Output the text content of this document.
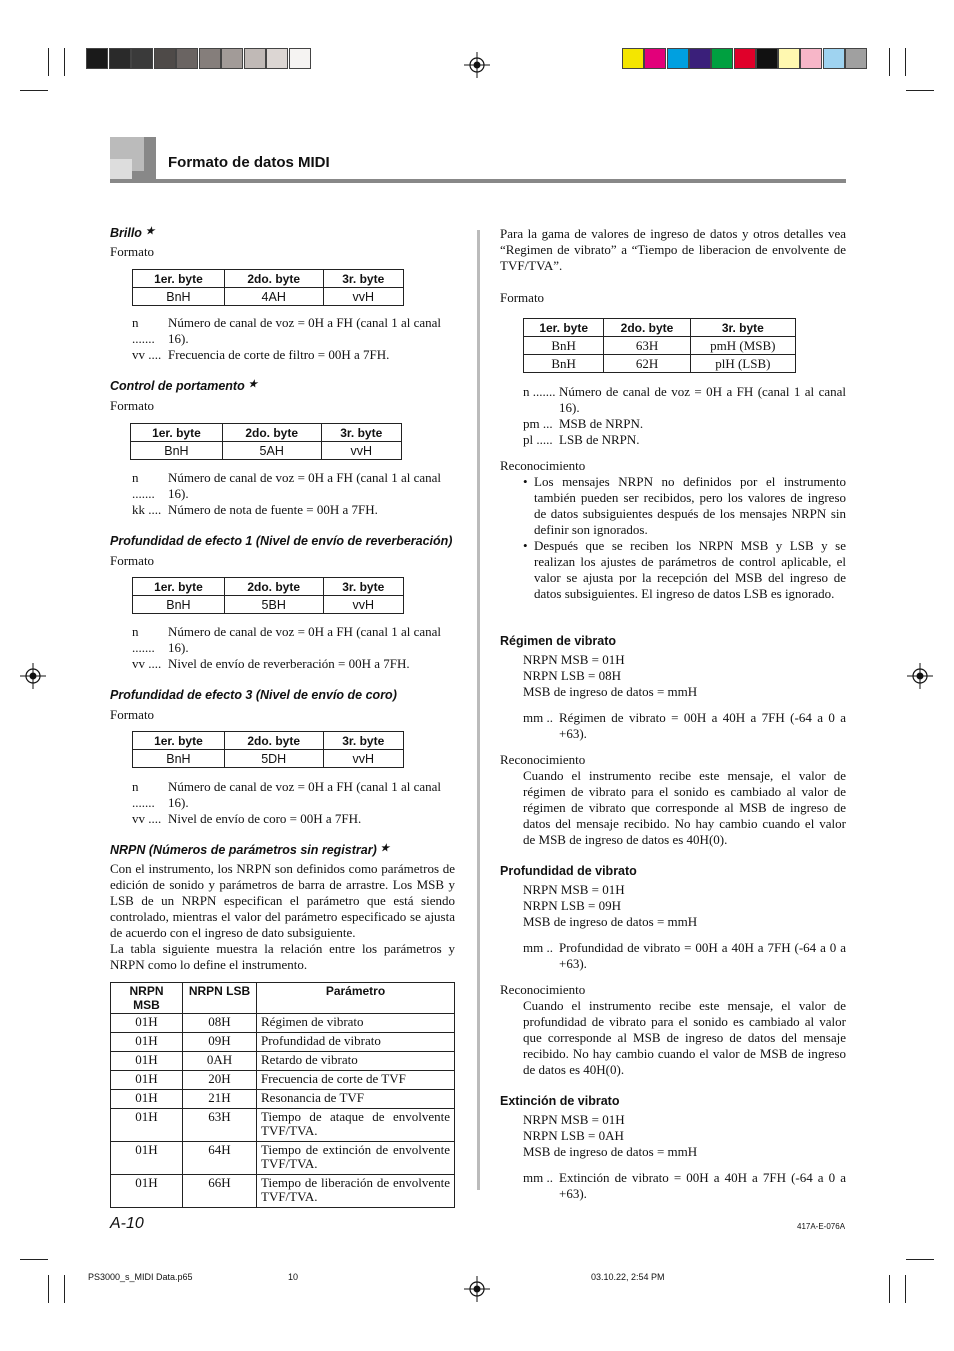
Formato de datos MIDI
Brillo ★
Formato
1er. byte	2do. byte	3r. byte
BnH	4AH	vvH
n .......
Número de canal de voz = 0H a FH (canal 1 al canal 16).
vv .... Frecuencia de corte de filtro = 00H a 7FH.
Control de portamento ★
Formato
1er. byte	2do. byte	3r. byte
BnH	5AH	vvH
n .......
Número de canal de voz = 0H a FH (canal 1 al canal 16).
kk .... Número de nota de fuente = 00H a 7FH.
Profundidad de efecto 1 (Nivel de envío de reverberación)
Formato
1er. byte	2do. byte	3r. byte
BnH	5BH	vvH
n .......
Número de canal de voz = 0H a FH (canal 1 al canal 16).
vv .... Nivel de envío de reverberación = 00H a 7FH.
Profundidad de efecto 3 (Nivel de envío de coro)
Formato
1er. byte	2do. byte	3r. byte
BnH	5DH	vvH
n .......
Número de canal de voz = 0H a FH (canal 1 al canal 16).
vv .... Nivel de envío de coro = 00H a 7FH.
NRPN (Números de parámetros sin registrar) ★
Con el instrumento, los NRPN son definidos como parámetros de edición de sonido y parámetros de barra de arrastre. Los MSB y LSB de un NRPN especifican el parámetro que está siendo controlado, mientras el valor del parámetro especificado se ajusta de acuerdo con el ingreso de dato subsiguiente.
La tabla siguiente muestra la relación entre los parámetros y NRPN como lo define el instrumento.
NRPN MSB	NRPN LSB	Parámetro
01H	08H	Régimen de vibrato
01H	09H	Profundidad de vibrato
01H	0AH	Retardo de vibrato
01H	20H	Frecuencia de corte de TVF
01H	21H	Resonancia de TVF
01H	63H	Tiempo de ataque de envolvente TVF/TVA.
01H	64H	Tiempo de extinción de envolvente TVF/TVA.
01H	66H	Tiempo de liberación de envolvente TVF/TVA.
Para la gama de valores de ingreso de datos y otros detalles vea “Regimen de vibrato” a “Tiempo de liberacion de envolvente de TVF/TVA”.
Formato
1er. byte	2do. byte	3r. byte
BnH	63H	pmH (MSB)
BnH	62H	plH (LSB)
n ....... Número de canal de voz = 0H a FH (canal 1 al canal 16).
pm ... MSB de NRPN.
pl ..... LSB de NRPN.
Reconocimiento
• Los mensajes NRPN no definidos por el instrumento también pueden ser recibidos, pero los valores de ingreso de datos subsiguientes después de los mensajes NRPN sin definir son ignorados.
• Después que se reciben los NRPN MSB y LSB y se realizan los ajustes de parámetros de control aplicable, el valor se ajusta por la recepción del MSB del ingreso de datos subsiguientes. El ingreso de datos LSB es ignorado.
Régimen de vibrato
NRPN MSB = 01H
NRPN LSB = 08H
MSB de ingreso de datos = mmH
mm .. Régimen de vibrato = 00H a 40H a 7FH (-64 a 0 a +63).
Reconocimiento
Cuando el instrumento recibe este mensaje, el valor de régimen de vibrato para el sonido es cambiado al valor de régimen de vibrato que corresponde al MSB de ingreso de datos del mensaje recibido. No hay cambio cuando el valor de MSB de ingreso de datos es 40H(0).
Profundidad de vibrato
NRPN MSB = 01H
NRPN LSB = 09H
MSB de ingreso de datos = mmH
mm .. Profundidad de vibrato = 00H a 40H a 7FH (-64 a 0 a +63).
Reconocimiento
Cuando el instrumento recibe este mensaje, el valor de profundidad de vibrato para el sonido es cambiado al valor que corresponde al MSB de ingreso de datos del mensaje recibido. No hay cambio cuando el valor de MSB de ingreso de datos es 40H(0).
Extinción de vibrato
NRPN MSB = 01H
NRPN LSB = 0AH
MSB de ingreso de datos = mmH
mm .. Extinción de vibrato = 00H a 40H a 7FH (-64 a 0 a +63).
A-10	417A-E-076A
PS3000_s_MIDI Data.p65	10	03.10.22, 2:54 PM
